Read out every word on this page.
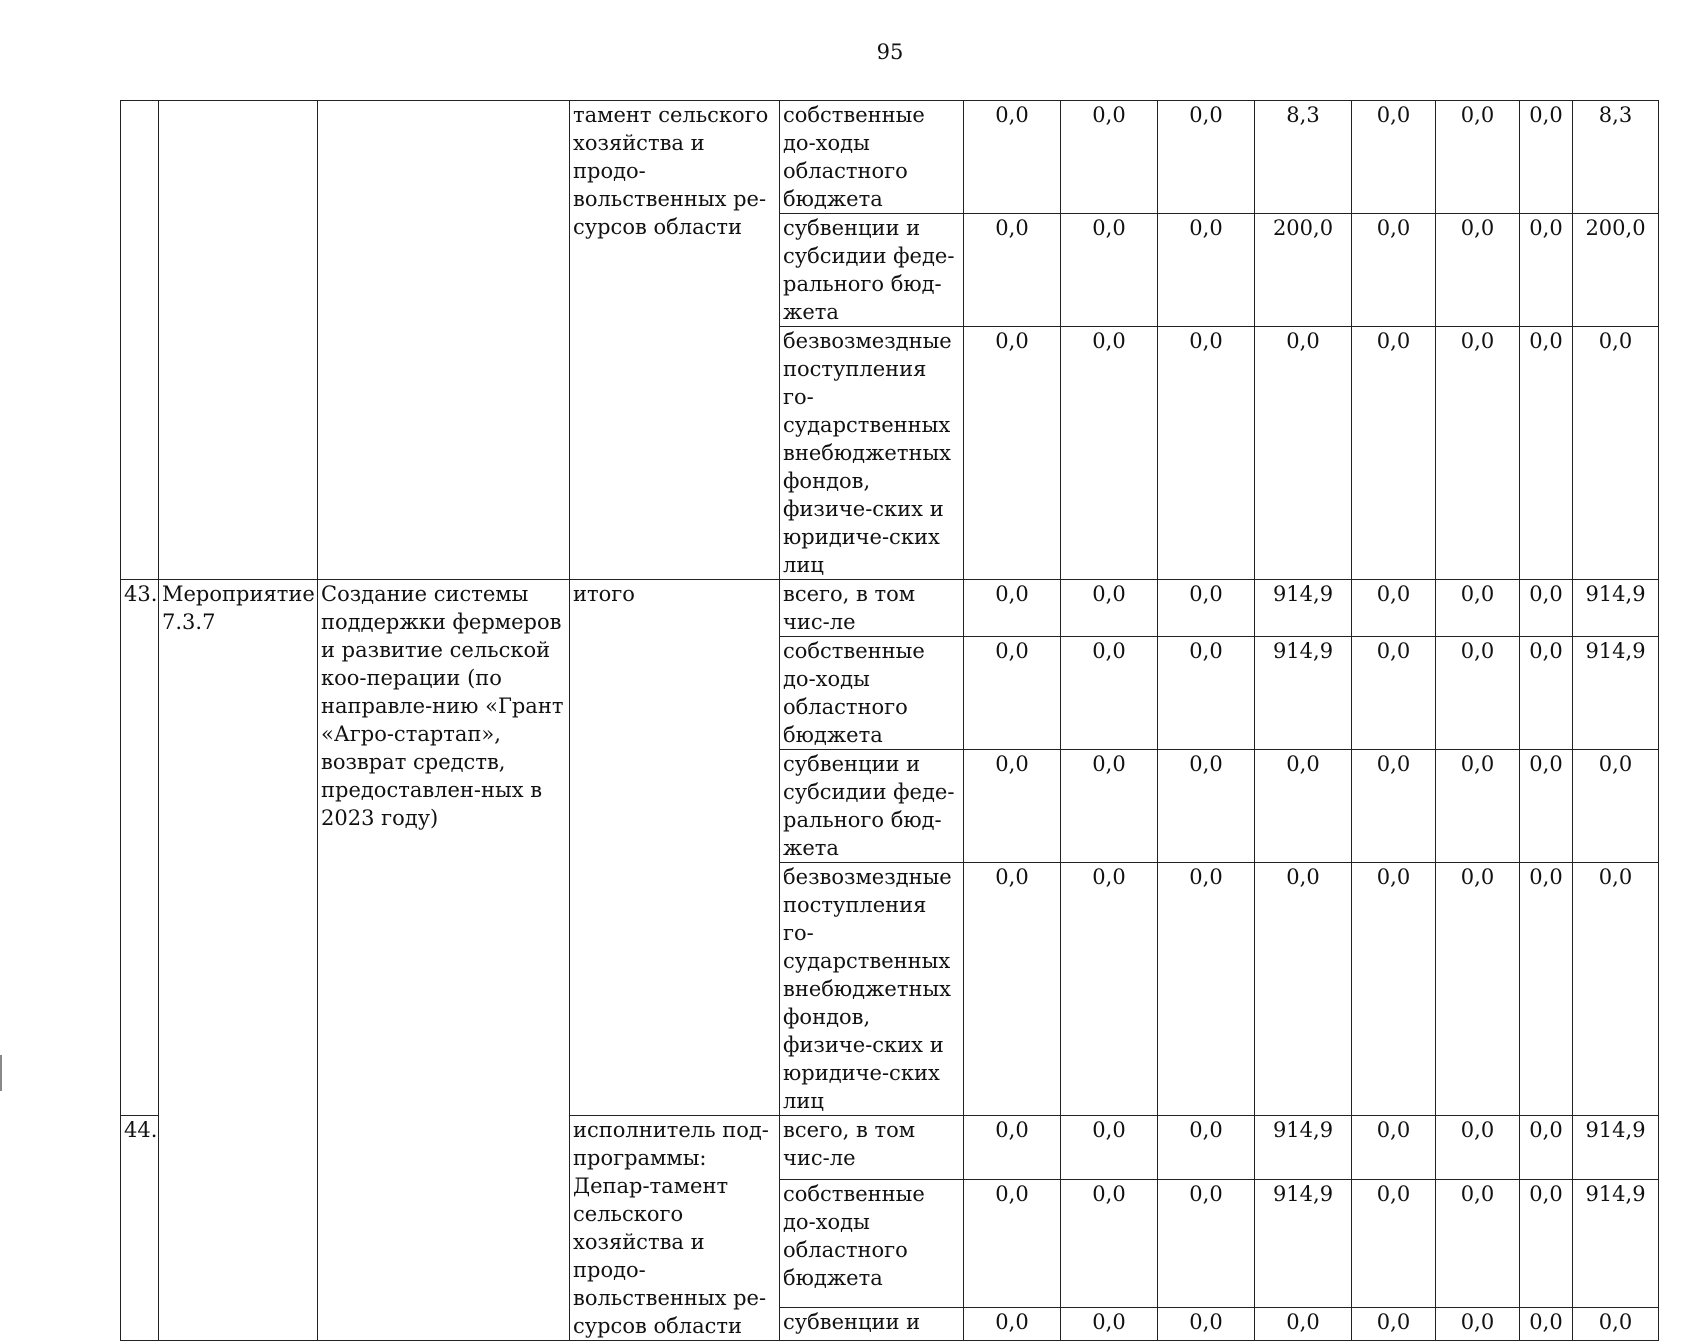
95
			тамент сельского хозяйства и продо-вольственных ре-сурсов области	собственные до-ходы областного бюджета	0,0	0,0	0,0	8,3	0,0	0,0	0,0	8,3
				субвенции и субсидии феде-рального бюд-жета	0,0	0,0	0,0	200,0	0,0	0,0	0,0	200,0
				безвозмездные поступления го-сударственных внебюджетных фондов, физиче-ских и юридиче-ских лиц	0,0	0,0	0,0	0,0	0,0	0,0	0,0	0,0
43.	Мероприятие 7.3.7	Создание системы поддержки фермеров и развитие сельской коо-перации (по направле-нию «Грант «Агро-стартап», возврат средств, предоставлен-ных в 2023 году)	итого	всего, в том чис-ле	0,0	0,0	0,0	914,9	0,0	0,0	0,0	914,9
				собственные до-ходы областного бюджета	0,0	0,0	0,0	914,9	0,0	0,0	0,0	914,9
				субвенции и субсидии феде-рального бюд-жета	0,0	0,0	0,0	0,0	0,0	0,0	0,0	0,0
				безвозмездные поступления го-сударственных внебюджетных фондов, физиче-ских и юридиче-ских лиц	0,0	0,0	0,0	0,0	0,0	0,0	0,0	0,0
44.			исполнитель под-программы: Депар-тамент сельского хозяйства и продо-вольственных ре-сурсов области	всего, в том чис-ле	0,0	0,0	0,0	914,9	0,0	0,0	0,0	914,9
				собственные до-ходы областного бюджета	0,0	0,0	0,0	914,9	0,0	0,0	0,0	914,9
				субвенции и	0,0	0,0	0,0	0,0	0,0	0,0	0,0	0,0
